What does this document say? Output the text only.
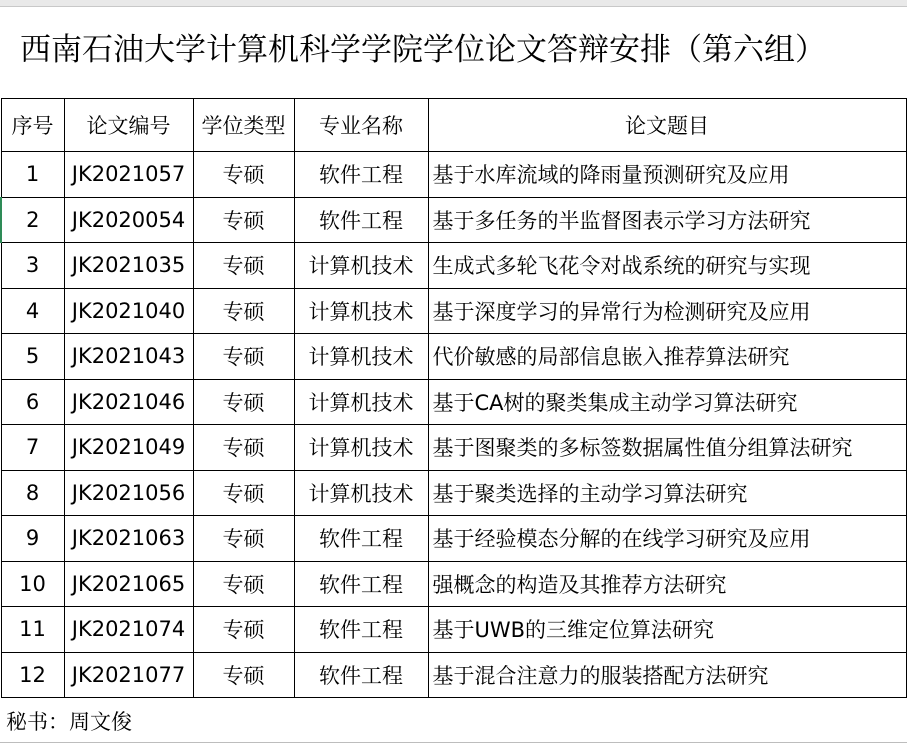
西南石油大学计算机科学学院学位论文答辩安排（第六组）
序号	论文编号	学位类型	专业名称	论文题目
1	JK2021057	专硕	软件工程	基于水库流域的降雨量预测研究及应用
2	JK2020054	专硕	软件工程	基于多任务的半监督图表示学习方法研究
3	JK2021035	专硕	计算机技术	生成式多轮飞花令对战系统的研究与实现
4	JK2021040	专硕	计算机技术	基于深度学习的异常行为检测研究及应用
5	JK2021043	专硕	计算机技术	代价敏感的局部信息嵌入推荐算法研究
6	JK2021046	专硕	计算机技术	基于CA树的聚类集成主动学习算法研究
7	JK2021049	专硕	计算机技术	基于图聚类的多标签数据属性值分组算法研究
8	JK2021056	专硕	计算机技术	基于聚类选择的主动学习算法研究
9	JK2021063	专硕	软件工程	基于经验模态分解的在线学习研究及应用
10	JK2021065	专硕	软件工程	强概念的构造及其推荐方法研究
11	JK2021074	专硕	软件工程	基于UWB的三维定位算法研究
12	JK2021077	专硕	软件工程	基于混合注意力的服装搭配方法研究
秘书：周文俊
